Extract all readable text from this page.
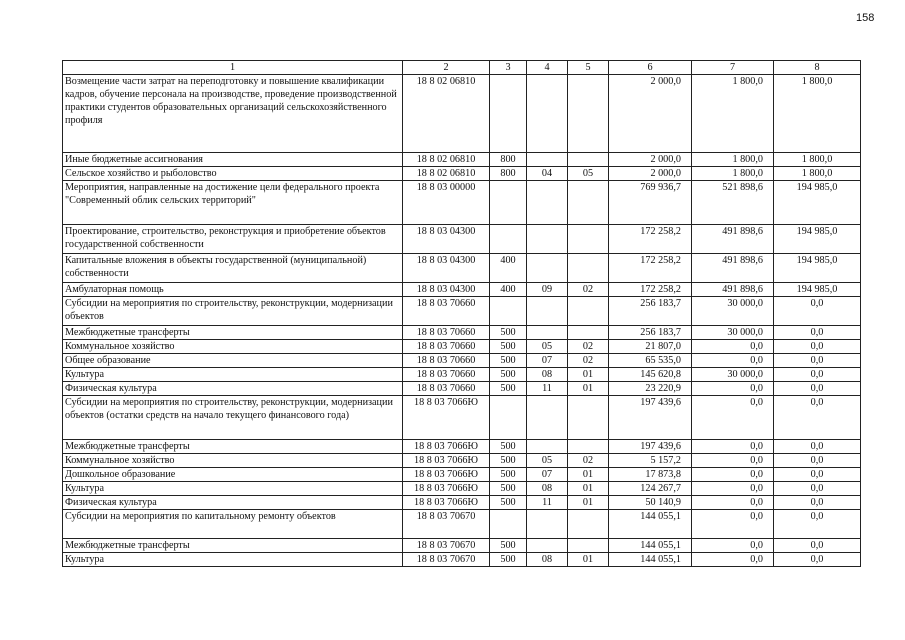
158
1	2	3	4	5	6	7	8
Возмещение части затрат на переподготовку и повышение квалификации кадров, обучение персонала на производстве, проведение производственной практики студентов образовательных организаций сельскохозяйственного профиля	18 8 02 06810				2 000,0	1 800,0	1 800,0
Иные бюджетные ассигнования	18 8 02 06810	800			2 000,0	1 800,0	1 800,0
Сельское хозяйство и рыболовство	18 8 02 06810	800	04	05	2 000,0	1 800,0	1 800,0
Мероприятия, направленные на достижение цели федерального проекта "Современный облик сельских территорий"	18 8 03 00000				769 936,7	521 898,6	194 985,0
Проектирование, строительство, реконструкция и приобретение объектов государственной собственности	18 8 03 04300				172 258,2	491 898,6	194 985,0
Капитальные вложения в объекты государственной (муниципальной) собственности	18 8 03 04300	400			172 258,2	491 898,6	194 985,0
Амбулаторная помощь	18 8 03 04300	400	09	02	172 258,2	491 898,6	194 985,0
Субсидии на мероприятия по строительству, реконструкции, модернизации объектов	18 8 03 70660				256 183,7	30 000,0	0,0
Межбюджетные трансферты	18 8 03 70660	500			256 183,7	30 000,0	0,0
Коммунальное хозяйство	18 8 03 70660	500	05	02	21 807,0	0,0	0,0
Общее образование	18 8 03 70660	500	07	02	65 535,0	0,0	0,0
Культура	18 8 03 70660	500	08	01	145 620,8	30 000,0	0,0
Физическая культура	18 8 03 70660	500	11	01	23 220,9	0,0	0,0
Субсидии на мероприятия по строительству, реконструкции, модернизации объектов (остатки средств на начало текущего финансового года)	18 8 03 7066Ю				197 439,6	0,0	0,0
Межбюджетные трансферты	18 8 03 7066Ю	500			197 439,6	0,0	0,0
Коммунальное хозяйство	18 8 03 7066Ю	500	05	02	5 157,2	0,0	0,0
Дошкольное образование	18 8 03 7066Ю	500	07	01	17 873,8	0,0	0,0
Культура	18 8 03 7066Ю	500	08	01	124 267,7	0,0	0,0
Физическая культура	18 8 03 7066Ю	500	11	01	50 140,9	0,0	0,0
Субсидии на мероприятия по капитальному ремонту объектов	18 8 03 70670				144 055,1	0,0	0,0
Межбюджетные трансферты	18 8 03 70670	500			144 055,1	0,0	0,0
Культура	18 8 03 70670	500	08	01	144 055,1	0,0	0,0
